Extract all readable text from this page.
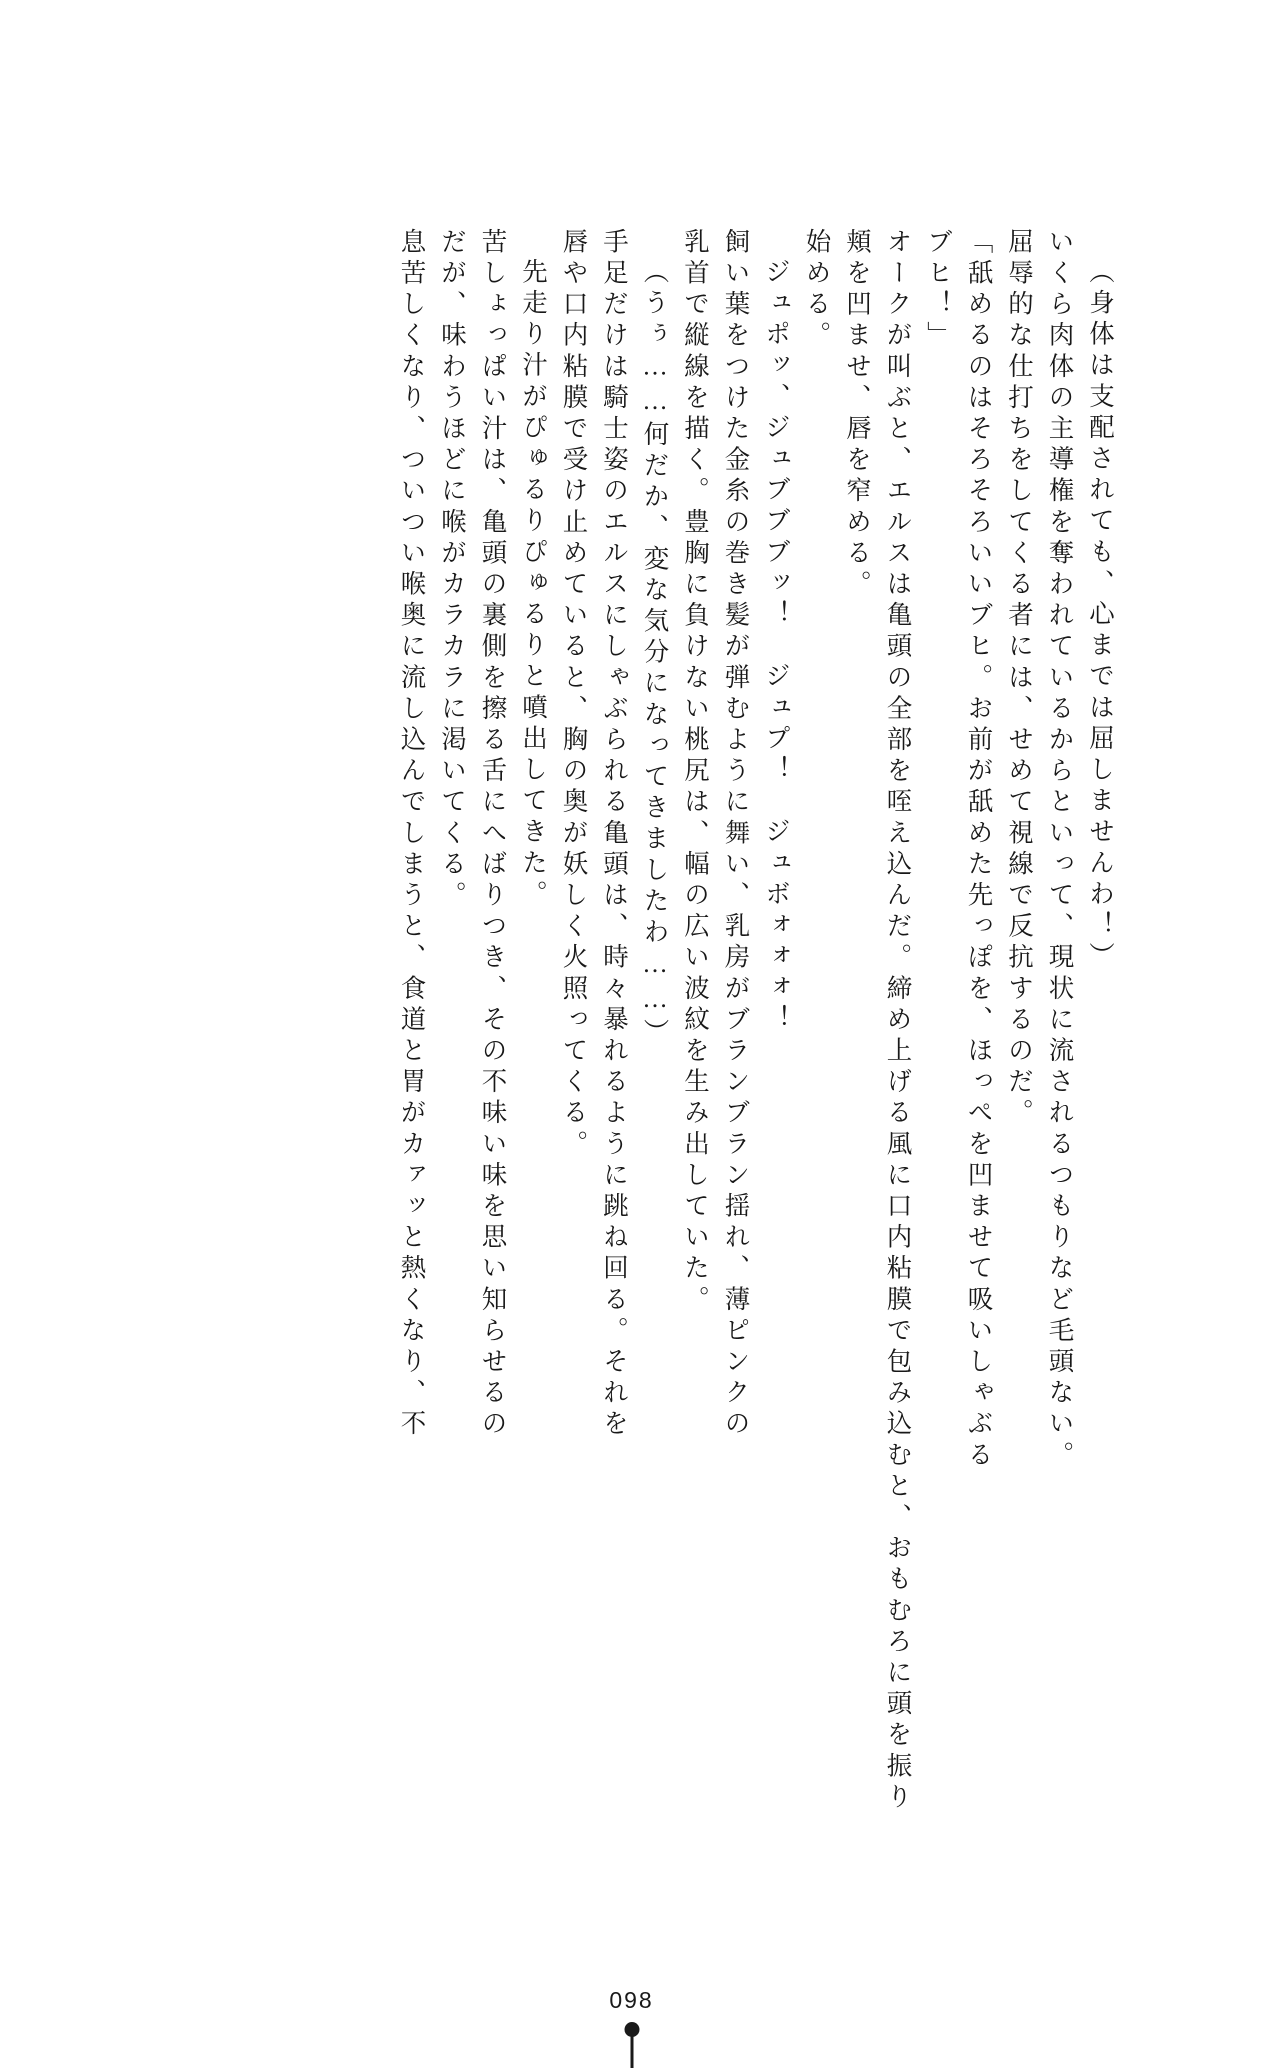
（身体は支配されても、心までは屈しませんわ！）
いくら肉体の主導権を奪われているからといって、現状に流されるつもりなど毛頭ない。
屈辱的な仕打ちをしてくる者には、せめて視線で反抗するのだ。
「舐めるのはそろそろいいブヒ。お前が舐めた先っぽを、ほっぺを凹ませて吸いしゃぶる
ブヒ！」
オークが叫ぶと、エルスは亀頭の全部を咥え込んだ。締め上げる風に口内粘膜で包み込むと、おもむろに頭を振り
頬を凹ませ、唇を窄める。
始める。
ジュポッ、ジュブブブッ！　ジュプ！　ジュボォォォ！
飼い葉をつけた金糸の巻き髪が弾むように舞い、乳房がブランブラン揺れ、薄ピンクの
乳首で縦線を描く。豊胸に負けない桃尻は、幅の広い波紋を生み出していた。
（うぅ……何だか、変な気分になってきましたわ……）
手足だけは騎士姿のエルスにしゃぶられる亀頭は、時々暴れるように跳ね回る。それを
唇や口内粘膜で受け止めていると、胸の奥が妖しく火照ってくる。
先走り汁がぴゅるりぴゅるりと噴出してきた。
苦しょっぱい汁は、亀頭の裏側を擦る舌にへばりつき、その不味い味を思い知らせるの
だが、味わうほどに喉がカラカラに渇いてくる。
息苦しくなり、ついつい喉奥に流し込んでしまうと、食道と胃がカァッと熱くなり、不
098
